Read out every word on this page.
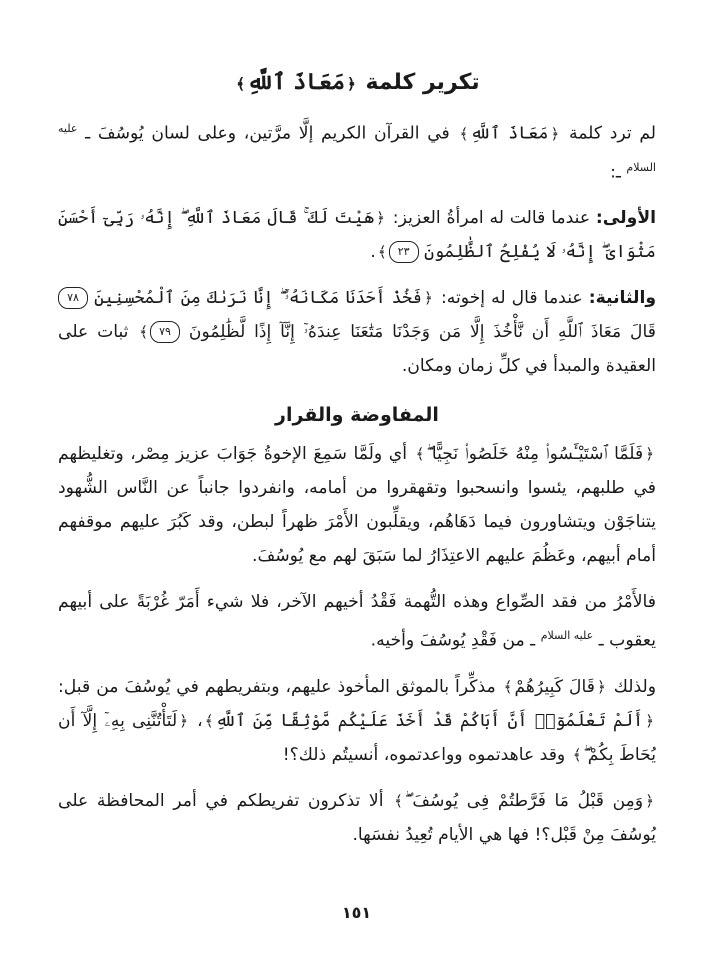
تكرير كلمة ﴿مَعَاذَ ٱللَّهِ﴾

لم ترد كلمة ﴿مَعَاذَ ٱللَّهِ﴾ في القرآن الكريم إلَّا مرَّتين، وعلى لسان يُوسُفَ ـ $^{عليه السلام}$ ـ:

الأولى: عندما قالت له امرأةُ العزيز: ﴿هَيْتَ لَكَ ۚ قَالَ مَعَاذَ ٱللَّهِ ۖ إِنَّهُۥ رَبِّىٓ أَحْسَنَ مَثْوَاىَ ۖ إِنَّهُۥ لَا يُفْلِحُ ٱلظَّٰلِمُونَ ٢٣﴾.

والثانية: عندما قال له إخوته: ﴿فَخُذْ أَحَدَنَا مَكَانَهُۥٓ ۖ إِنَّا نَرَىٰكَ مِنَ ٱلْمُحْسِنِينَ ٧٨ قَالَ مَعَاذَ ٱللَّهِ أَن نَّأْخُذَ إِلَّا مَن وَجَدْنَا مَتَٰعَنَا عِندَهُۥٓ إِنَّآ إِذًا لَّظَٰلِمُونَ ٧٩﴾ ثبات على العقيدة والمبدأ في كلِّ زمان ومكان.

المفاوضة والقرار

﴿فَلَمَّا ٱسْتَيْـَٔسُوا۟ مِنْهُ خَلَصُوا۟ نَجِيًّا ۖ﴾ أي ولَمَّا سَمِعَ الإخوةُ جَوَابَ عزيز مِصْر، وتغليظهم في طلبهم، يئسوا وانسحبوا وتقهقروا من أمامه، وانفردوا جانباً عن النَّاس الشُّهود يتناجَوْن ويتشاورون فيما دَهَاهُم، ويقلِّبون الأَمْرَ ظهراً لبطن، وقد كَبُرَ عليهم موقفهم أمام أبيهم، وعَظُمَ عليهم الاعتِذَارُ لما سَبَقَ لهم مع يُوسُفَ.

فالأَمْرُ من فقد الصِّواع وهذه التُّهمة فَقْدُ أخيهم الآخر، فلا شيء أَمَرّ غُرْبَةً على أبيهم يعقوب ـ $^{عليه السلام}$ ـ من فَقْدِ يُوسُفَ وأخيه.

ولذلك ﴿قَالَ كَبِيرُهُمْ﴾ مذكِّراً بالموثق المأخوذ عليهم، وبتفريطهم في يُوسُفَ من قبل: ﴿أَلَمْ تَعْلَمُوٓا۟ أَنَّ أَبَاكُمْ قَدْ أَخَذَ عَلَيْكُم مَّوْثِقًا مِّنَ ٱللَّهِ﴾، ﴿لَتَأْتُنَّنِى بِهِۦٓ إِلَّآ أَن يُحَاطَ بِكُمْ ۖ﴾ وقد عاهدتموه وواعدتموه، أنسيتُم ذلك؟!

﴿وَمِن قَبْلُ مَا فَرَّطتُمْ فِى يُوسُفَ ۖ﴾ ألا تذكرون تفريطكم في أمر المحافظة على يُوسُفَ مِنْ قَبْل؟! فها هي الأيام تُعِيدُ نفسَها.

١٥١
